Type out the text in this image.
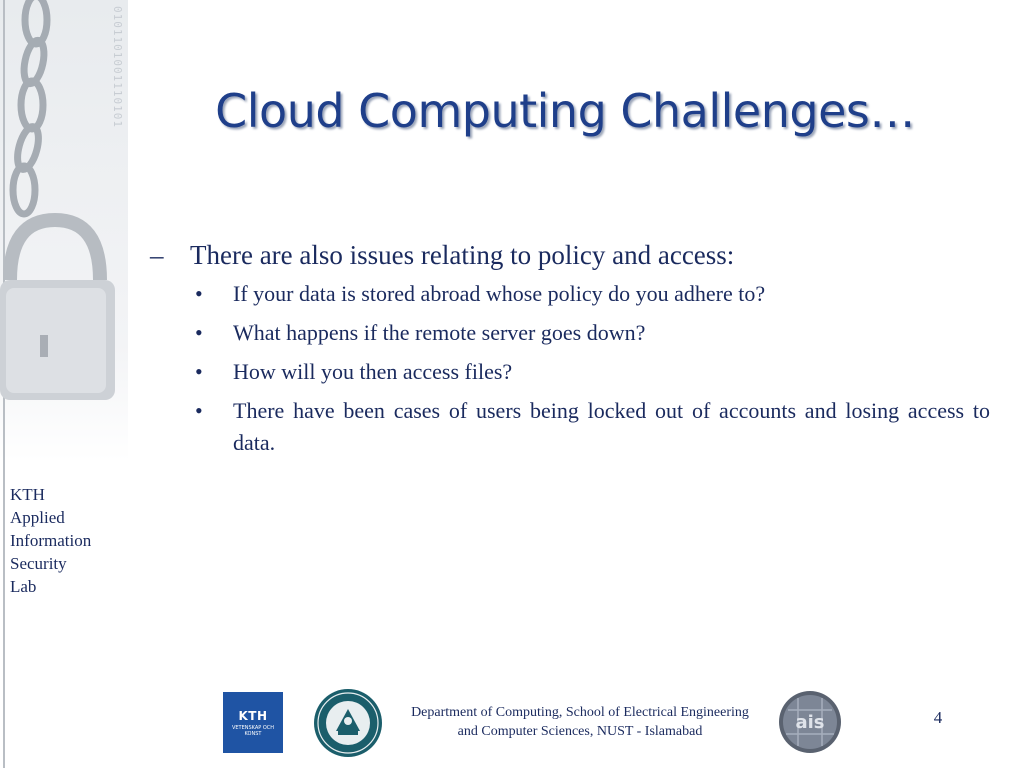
0101101001110101
KTH
Applied
Information
Security
Lab
Cloud Computing Challenges…
– There are also issues relating to policy and access:
• If your data is stored abroad whose policy do you adhere to?
• What happens if the remote server goes down?
• How will you then access files?
• There have been cases of users being locked out of accounts and losing access to data.
KTH
VETENSKAP OCH KONST
Department of Computing, School of Electrical Engineering and Computer Sciences, NUST - Islamabad	ais	4
